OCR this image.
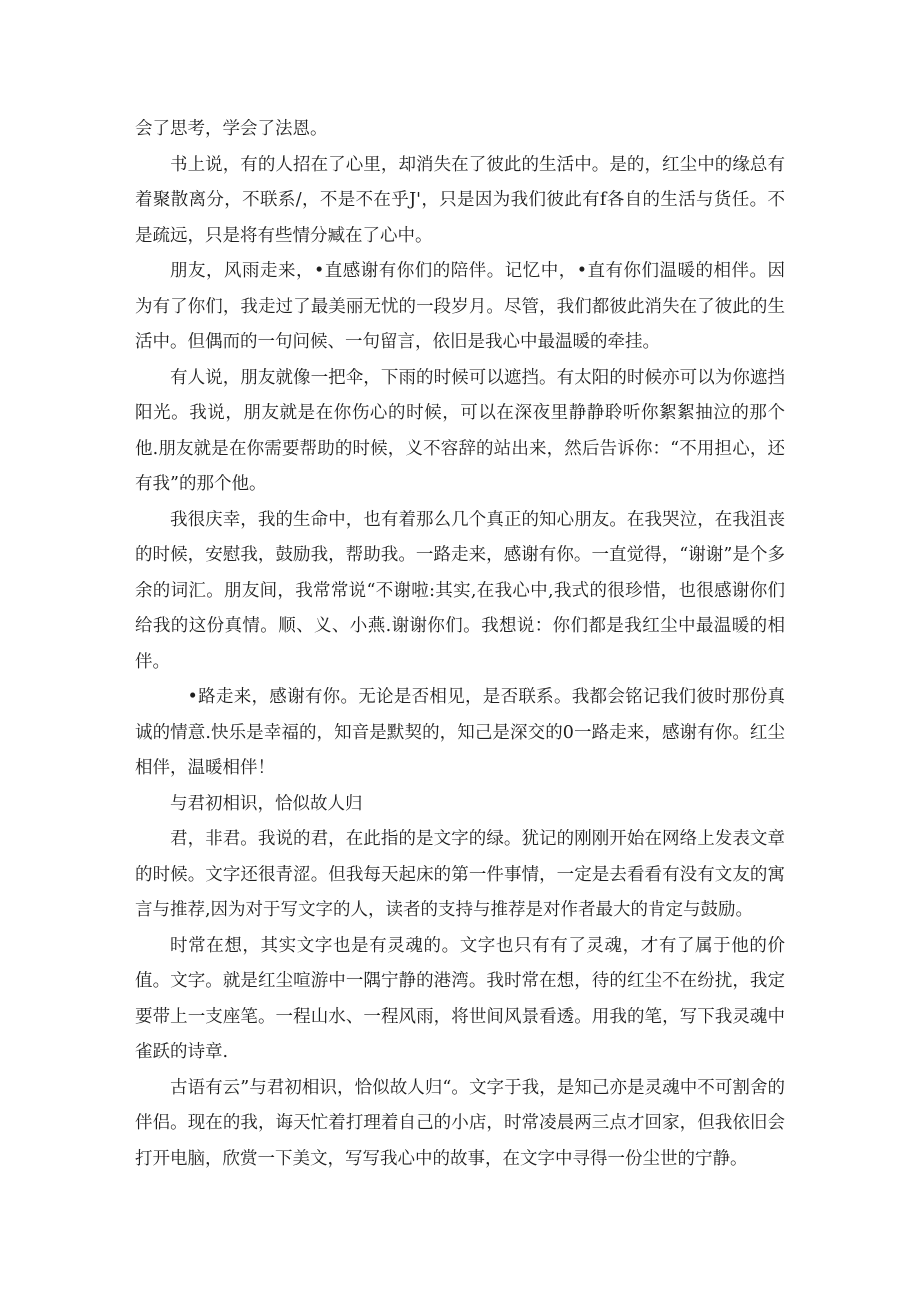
会了思考，学会了法恩。

书上说，有的人招在了心里，却消失在了彼此的生活中。是的，红尘中的缘总有着聚散离分，不联系/，不是不在乎J'，只是因为我们彼此有f各自的生活与货任。不是疏远，只是将有些情分臧在了心中。

朋友，风雨走来，•直感谢有你们的陪伴。记忆中，•直有你们温暖的相伴。因为有了你们，我走过了最美丽无忧的一段岁月。尽管，我们都彼此消失在了彼此的生活中。但偶而的一句问候、一句留言，依旧是我心中最温暖的牵挂。

有人说，朋友就像一把伞，下雨的时候可以遮挡。有太阳的时候亦可以为你遮挡阳光。我说，朋友就是在你伤心的时候，可以在深夜里静静聆听你絮絮抽泣的那个他.朋友就是在你需要帮助的时候，义不容辞的站出来，然后告诉你：“不用担心，还有我”的那个他。

我很庆幸，我的生命中，也有着那么几个真正的知心朋友。在我哭泣，在我沮丧的时候，安慰我，鼓励我，帮助我。一路走来，感谢有你。一直觉得，“谢谢”是个多余的词汇。朋友间，我常常说“不谢啦:其实,在我心中,我式的很珍惜，也很感谢你们给我的这份真情。顺、义、小燕.谢谢你们。我想说：你们都是我红尘中最温暖的相伴。

•路走来，感谢有你。无论是否相见，是否联系。我都会铭记我们彼时那份真诚的情意.快乐是幸福的，知音是默契的，知己是深交的0一路走来，感谢有你。红尘相伴，温暖相伴！

与君初相识，恰似故人归

君，非君。我说的君，在此指的是文字的绿。犹记的刚刚开始在网络上发表文章的时候。文字还很青涩。但我每天起床的第一件事情，一定是去看看有没有文友的寓言与推荐,因为对于写文字的人，读者的支持与推荐是对作者最大的肯定与鼓励。

时常在想，其实文字也是有灵魂的。文字也只有有了灵魂，才有了属于他的价值。文字。就是红尘喧游中一隅宁静的港湾。我时常在想，待的红尘不在纷扰，我定要带上一支座笔。一程山水、一程风雨，将世间风景看透。用我的笔，写下我灵魂中雀跃的诗章.

古语有云”与君初相识，恰似故人归“。文字于我，是知己亦是灵魂中不可割舍的伴侣。现在的我，诲天忙着打理着自己的小店，时常凌晨两三点才回家，但我依旧会打开电脑，欣赏一下美文，写写我心中的故事，在文字中寻得一份尘世的宁静。
